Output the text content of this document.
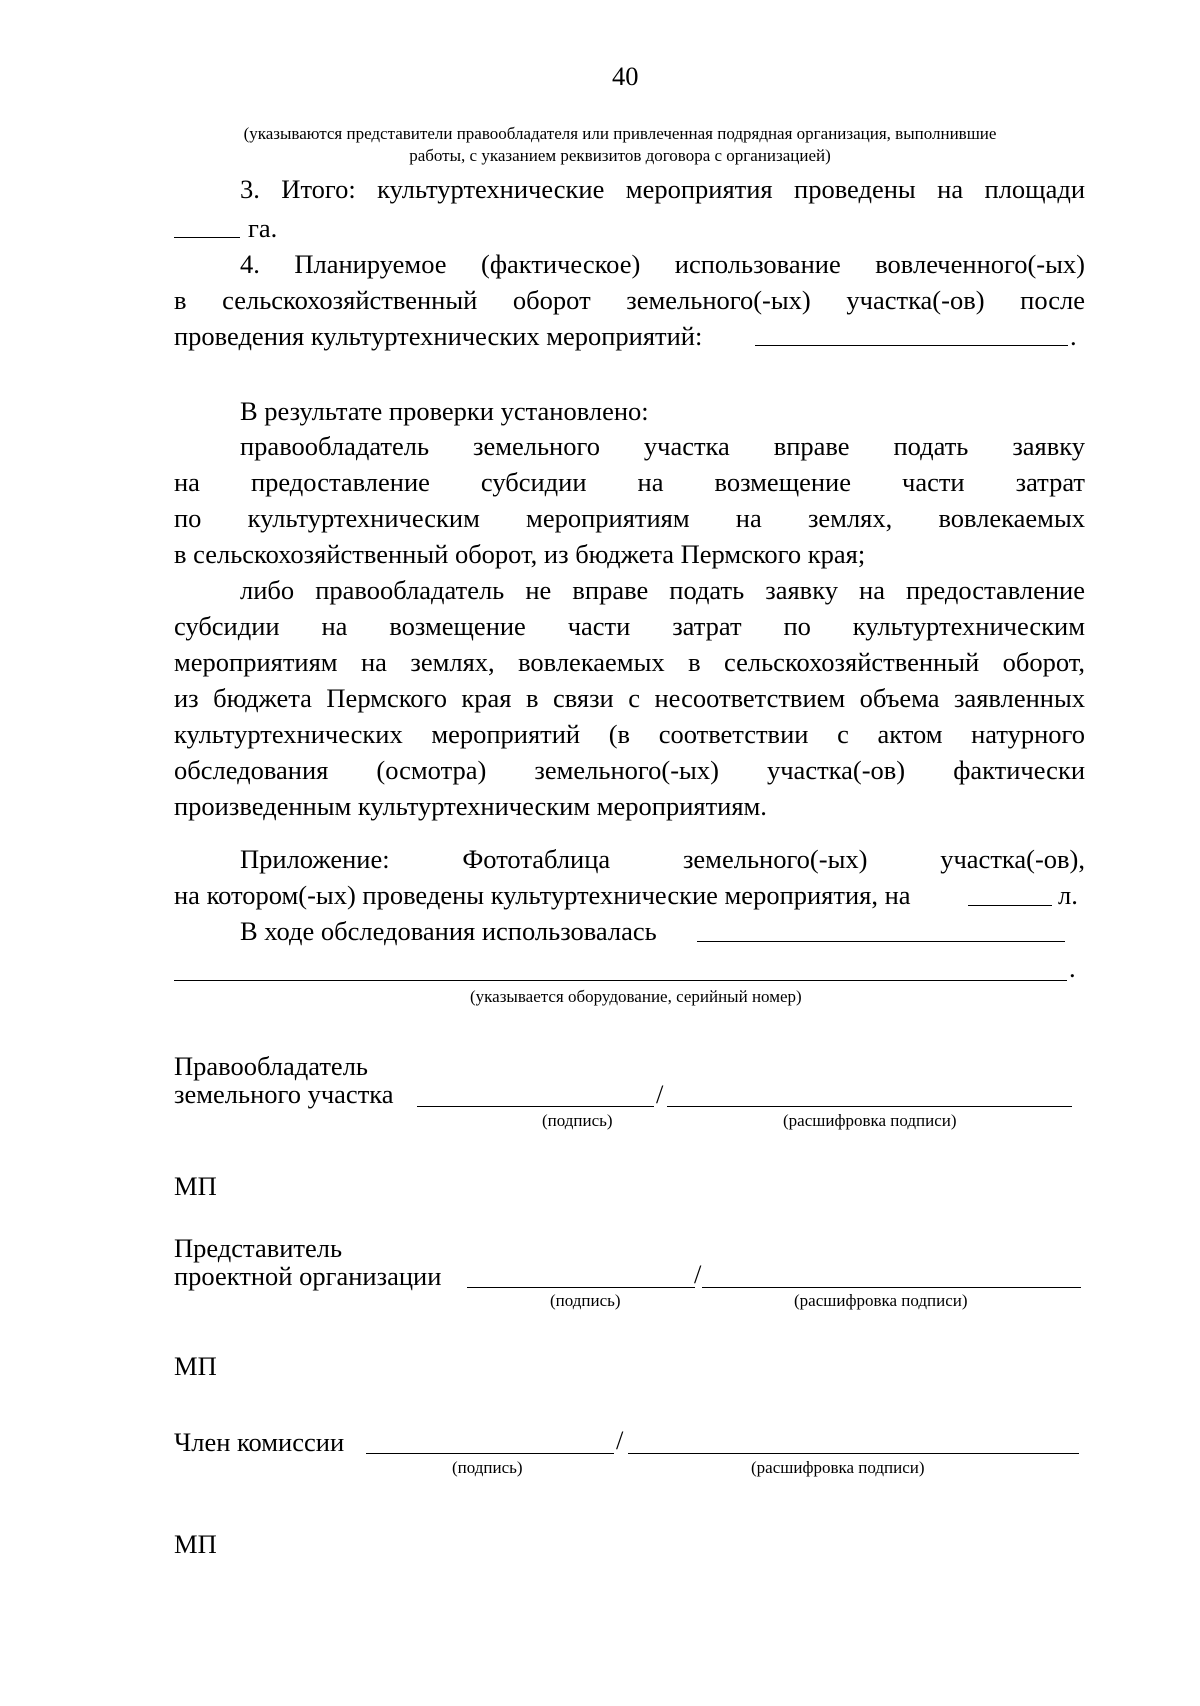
40
(указываются представители правообладателя или привлеченная подрядная организация, выполнившие
работы, с указанием реквизитов договора с организацией)
3. Итого: культуртехнические мероприятия проведены на площади
га.
4. Планируемое (фактическое) использование вовлеченного(-ых)
в сельскохозяйственный оборот земельного(-ых) участка(-ов) после
проведения культуртехнических мероприятий:	.
В результате проверки установлено:
правообладатель земельного участка вправе подать заявку
на предоставление субсидии на возмещение части затрат
по культуртехническим мероприятиям на землях, вовлекаемых
в сельскохозяйственный оборот, из бюджета Пермского края;
либо правообладатель не вправе подать заявку на предоставление
субсидии на возмещение части затрат по культуртехническим
мероприятиям на землях, вовлекаемых в сельскохозяйственный оборот,
из бюджета Пермского края в связи с несоответствием объема заявленных
культуртехнических мероприятий (в соответствии с актом натурного
обследования (осмотра) земельного(-ых) участка(-ов) фактически
произведенным культуртехническим мероприятиям.
Приложение: Фототаблица земельного(-ых) участка(-ов),
на котором(-ых) проведены культуртехнические мероприятия, на	л.
В ходе обследования использовалась
.
(указывается оборудование, серийный номер)
Правообладатель
земельного участка	/
(подпись)	(расшифровка подписи)
МП
Представитель
проектной организации	/
(подпись)	(расшифровка подписи)
МП
Член комиссии	/
(подпись)	(расшифровка подписи)
МП
